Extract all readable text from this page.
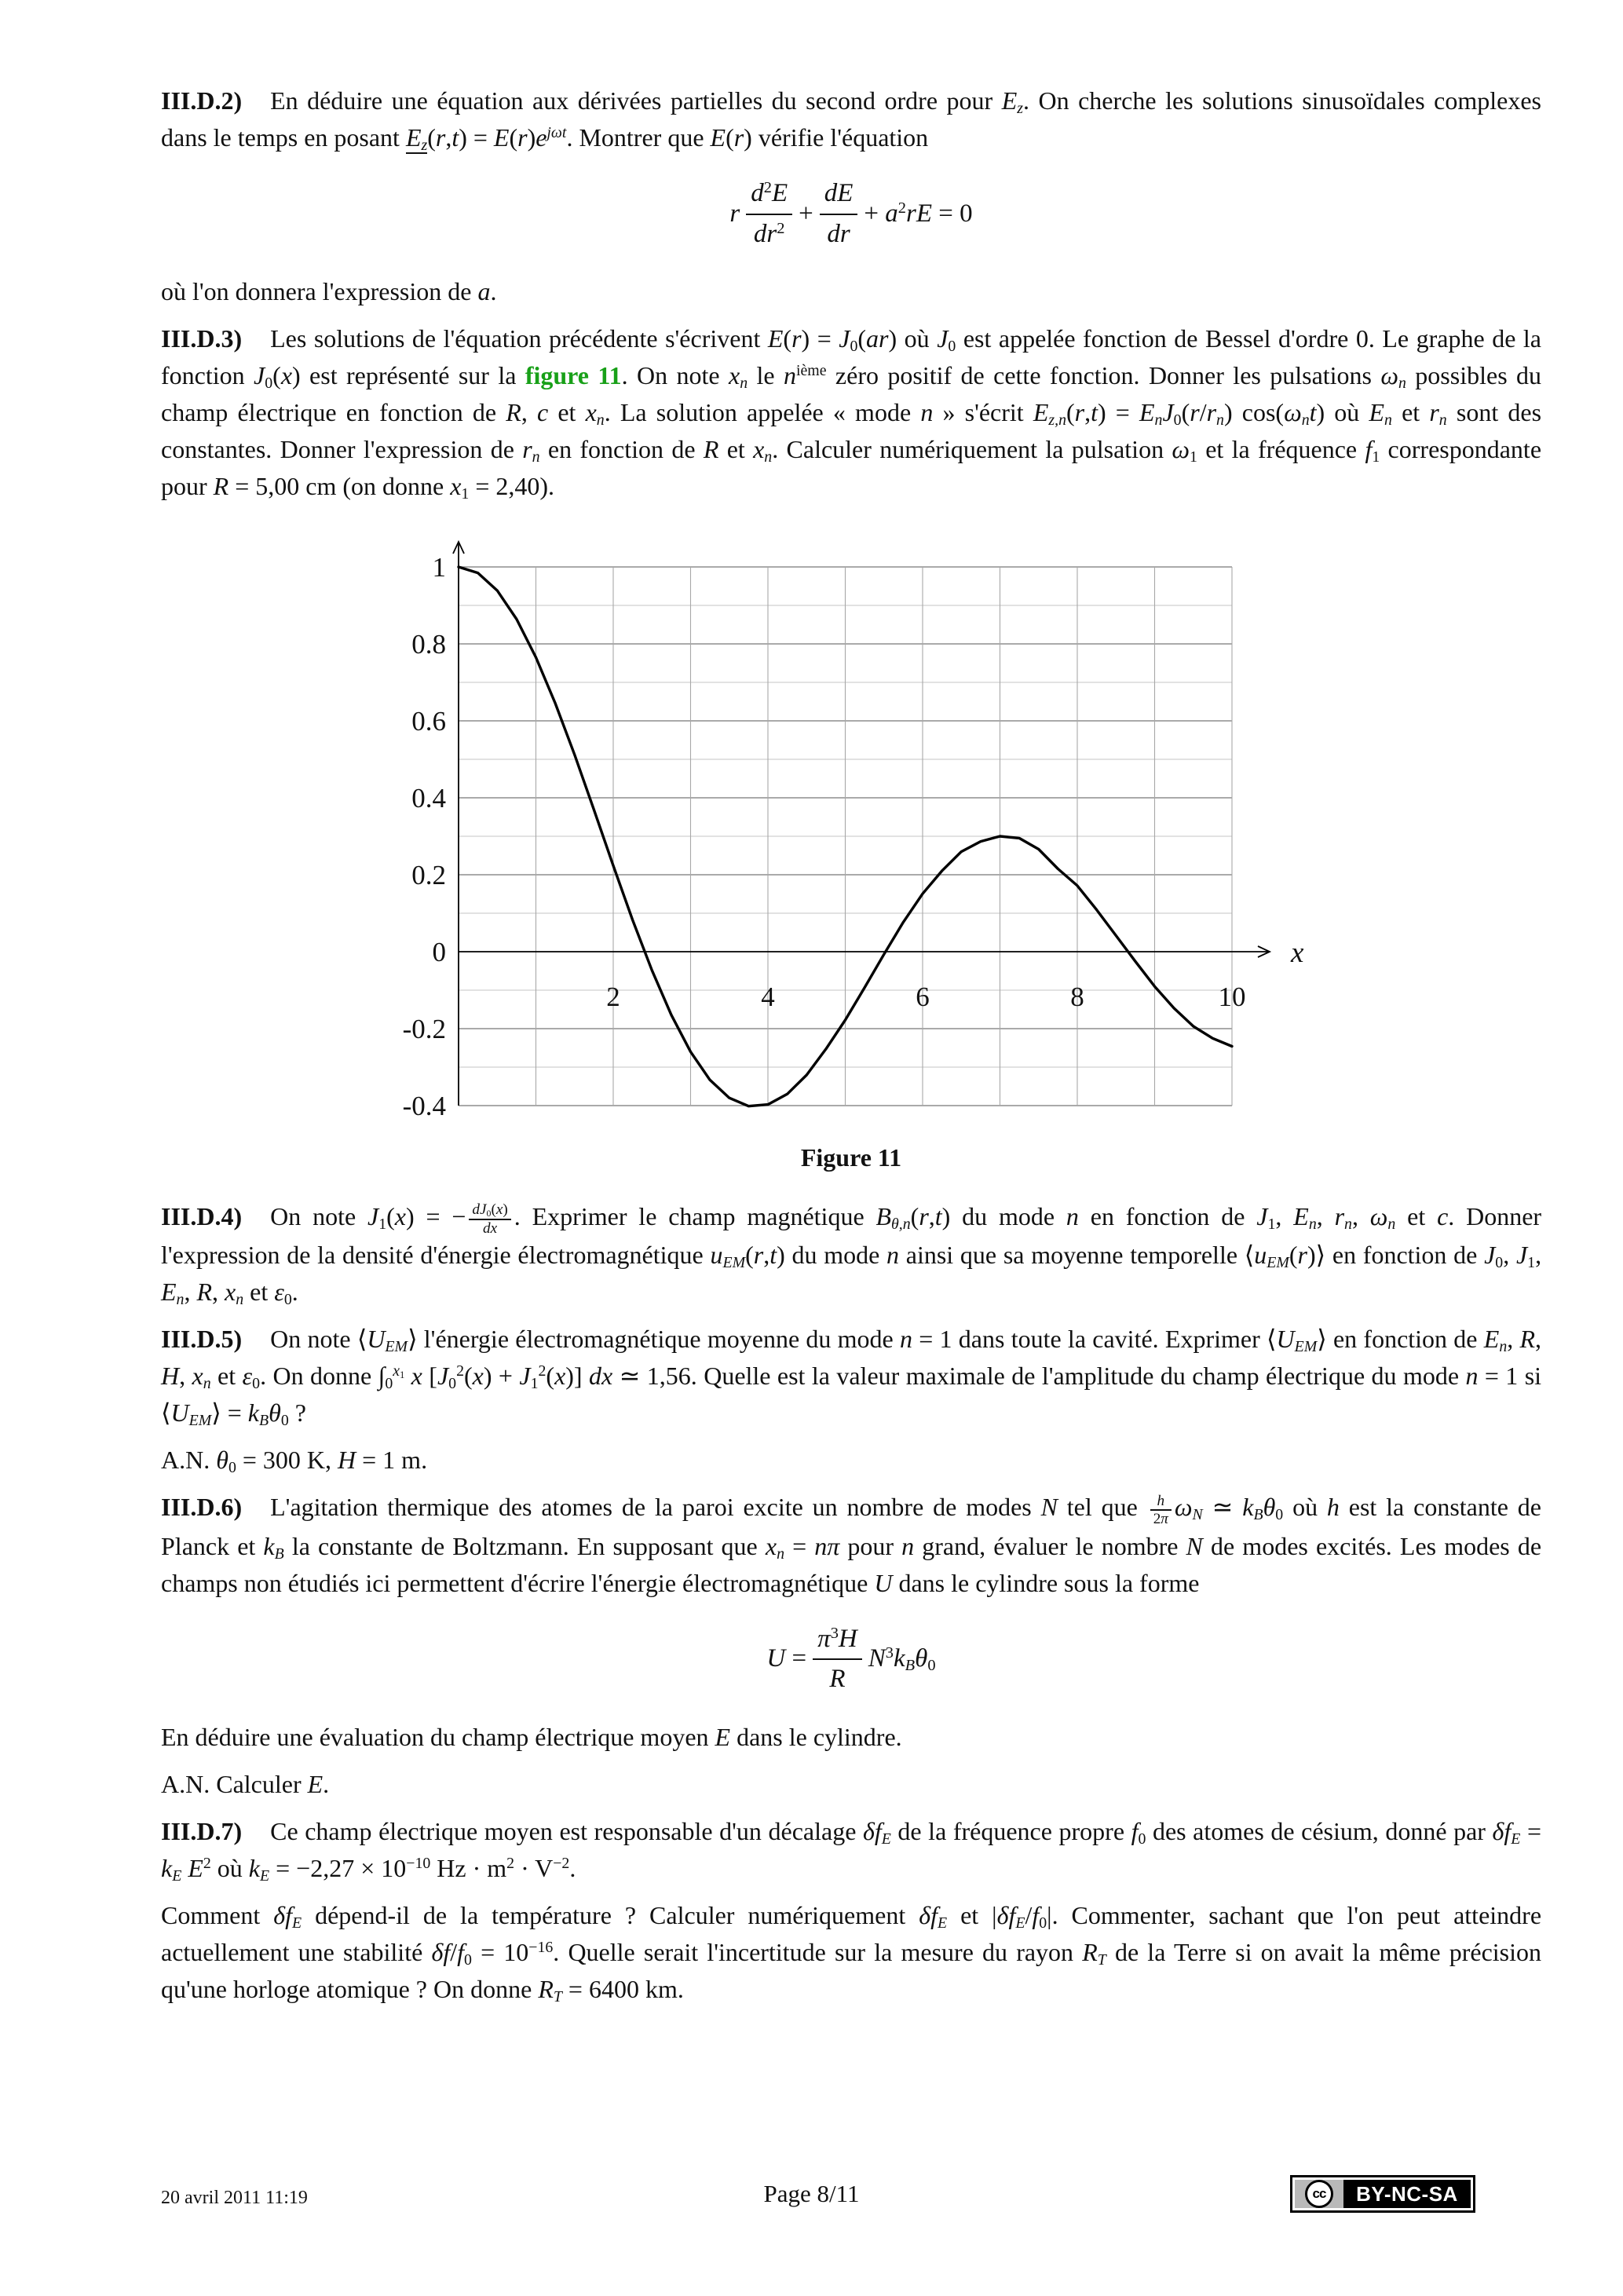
III.D.2) En déduire une équation aux dérivées partielles du second ordre pour $E_z$. On cherche les solutions sinusoïdales complexes dans le temps en posant $E_z(r,t) = E(r)e^{j\omega t}$. Montrer que E(r) vérifie l'équation

r
$d^2E$
$dr^2$
+ $\frac{dE}{dr} + a^2rE = 0$

où l'on donnera l'expression de a.

III.D.3) Les solutions de l'équation précédente s'écrivent $E(r) = J_0(ar)$ où $J_0$ est appelée fonction de Bessel d'ordre 0. Le graphe de la fonction $J_0(x)$ est représenté sur la figure 11. On note $x_n$ le $n^{ième}$ zéro positif de cette fonction. Donner les pulsations $\omega_n$ possibles du champ électrique en fonction de R, c et $x_n$. La solution appelée « mode n » s'écrit $E_{z,n}(r,t) = E_nJ_0(r/r_n)$ $\cos(\omega_nt)$ où $E_n$ et $r_n$ sont des constantes. Donner l'expression de $r_n$ en fonction de R et $x_n$. Calculer numériquement la pulsation $\omega_1$ et la fréquence $f_1$ correspondante pour R = 5,00 cm (on donne $x_1 = 2,40$).

x
1
0.8
0.6
0.4
0.2
0
-0.2
-0.4
2	4	6	8	10
Figure 11

III.D.4) On note $J_1(x)$ = − $\frac{dJ_0(x)}{dx}$ . Exprimer le champ magnétique $B_{\theta,n}(r,t)$ du mode n en fonction de $J_1$, $E_n$, $r_n$, $\omega_n$ et c. Donner l'expression de la densité d'énergie électromagnétique $u_{EM}(r,t)$ du mode n ainsi que sa moyenne temporelle $⟨u_{EM}(r)⟩$ en fonction de $J_0$, $J_1$, $E_n$, R, $x_n$ et $\varepsilon_0$.

III.D.5) On note $⟨U_{EM}⟩$ l'énergie électromagnétique moyenne du mode n = 1 dans toute la cavité. Exprimer $⟨U_{EM}⟩$ en fonction de $E_n$, R, H, $x_n$ et $\varepsilon_0$. On donne $\int_0^{x_1}$ x $[J_0^2(x) + J_1^2(x)]$ dx ≃ 1,56. Quelle est la valeur maximale de l'amplitude du champ électrique du mode n = 1 si $⟨U_{EM}⟩ = k_B\theta_0$ ?

A.N. $\theta_0 = 300$ K, H = 1 m.

III.D.6) L'agitation thermique des atomes de la paroi excite un nombre de modes N tel que $\frac{h}{2\pi} \omega_N$ ≃ $k_B\theta_0$ où h est la constante de Planck et $k_B$ la constante de Boltzmann. En supposant que $x_n = n\pi$ pour n grand, évaluer le nombre N de modes excités. Les modes de champs non étudiés ici permettent d'écrire l'énergie électromagnétique U dans le cylindre sous la forme

$U = \frac{\pi^3H}{R} N^3k_B\theta_0$

En déduire une évaluation du champ électrique moyen E dans le cylindre.

A.N. Calculer E.

III.D.7) Ce champ électrique moyen est responsable d'un décalage $\delta f_E$ de la fréquence propre $f_0$ des atomes de césium, donné par $\delta f_E = k_E$ $E^2$ où $k_E = -2,27 \times 10^{-10}$ $Hz \cdot m^2 \cdot V^{-2}$.

Comment $\delta f_E$ dépend-il de la température ? Calculer numériquement $\delta f_E$ et $|\delta f_E/f_0|$. Commenter, sachant que l'on peut atteindre actuellement une stabilité $\delta f/f_0 = 10^{-16}$. Quelle serait l'incertitude sur la mesure du rayon $R_T$ de la Terre si on avait la même précision qu'une horloge atomique ? On donne $R_T = 6400$ km.

20 avril 2011 11:19	Page 8/11	cc	BY-NC-SA
